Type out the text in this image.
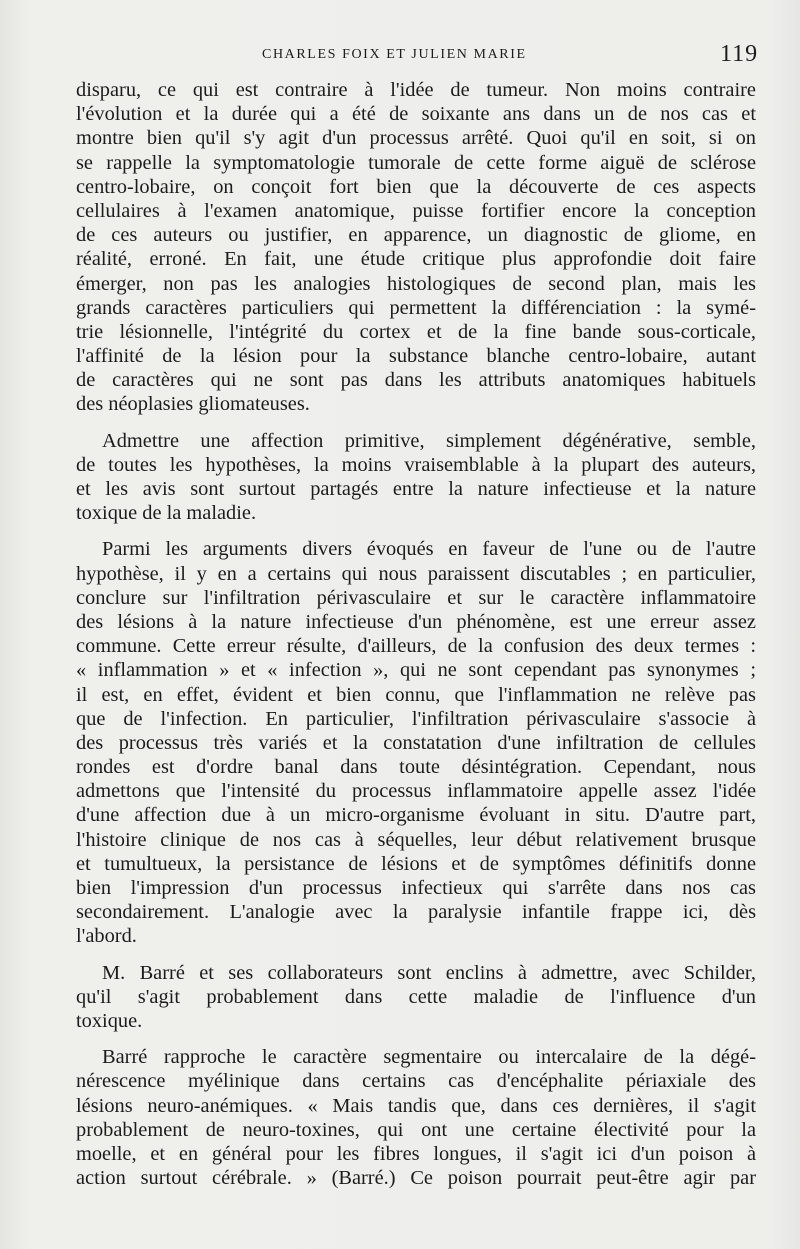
CHARLES FOIX ET JULIEN MARIE	119
disparu, ce qui est contraire à l'idée de tumeur. Non moins contraire
l'évolution et la durée qui a été de soixante ans dans un de nos cas et
montre bien qu'il s'y agit d'un processus arrêté. Quoi qu'il en soit, si on
se rappelle la symptomatologie tumorale de cette forme aiguë de sclérose
centro-lobaire, on conçoit fort bien que la découverte de ces aspects
cellulaires à l'examen anatomique, puisse fortifier encore la conception
de ces auteurs ou justifier, en apparence, un diagnostic de gliome, en
réalité, erroné. En fait, une étude critique plus approfondie doit faire
émerger, non pas les analogies histologiques de second plan, mais les
grands caractères particuliers qui permettent la différenciation : la symé-
trie lésionnelle, l'intégrité du cortex et de la fine bande sous-corticale,
l'affinité de la lésion pour la substance blanche centro-lobaire, autant
de caractères qui ne sont pas dans les attributs anatomiques habituels
des néoplasies gliomateuses.
Admettre une affection primitive, simplement dégénérative, semble,
de toutes les hypothèses, la moins vraisemblable à la plupart des auteurs,
et les avis sont surtout partagés entre la nature infectieuse et la nature
toxique de la maladie.
Parmi les arguments divers évoqués en faveur de l'une ou de l'autre
hypothèse, il y en a certains qui nous paraissent discutables ; en particulier,
conclure sur l'infiltration périvasculaire et sur le caractère inflammatoire
des lésions à la nature infectieuse d'un phénomène, est une erreur assez
commune. Cette erreur résulte, d'ailleurs, de la confusion des deux termes :
« inflammation » et « infection », qui ne sont cependant pas synonymes ;
il est, en effet, évident et bien connu, que l'inflammation ne relève pas
que de l'infection. En particulier, l'infiltration périvasculaire s'associe à
des processus très variés et la constatation d'une infiltration de cellules
rondes est d'ordre banal dans toute désintégration. Cependant, nous
admettons que l'intensité du processus inflammatoire appelle assez l'idée
d'une affection due à un micro-organisme évoluant in situ. D'autre part,
l'histoire clinique de nos cas à séquelles, leur début relativement brusque
et tumultueux, la persistance de lésions et de symptômes définitifs donne
bien l'impression d'un processus infectieux qui s'arrête dans nos cas
secondairement. L'analogie avec la paralysie infantile frappe ici, dès
l'abord.
M. Barré et ses collaborateurs sont enclins à admettre, avec Schilder,
qu'il s'agit probablement dans cette maladie de l'influence d'un
toxique.
Barré rapproche le caractère segmentaire ou intercalaire de la dégé-
nérescence myélinique dans certains cas d'encéphalite périaxiale des
lésions neuro-anémiques. « Mais tandis que, dans ces dernières, il s'agit
probablement de neuro-toxines, qui ont une certaine électivité pour la
moelle, et en général pour les fibres longues, il s'agit ici d'un poison à
action surtout cérébrale. » (Barré.) Ce poison pourrait peut-être agir par
